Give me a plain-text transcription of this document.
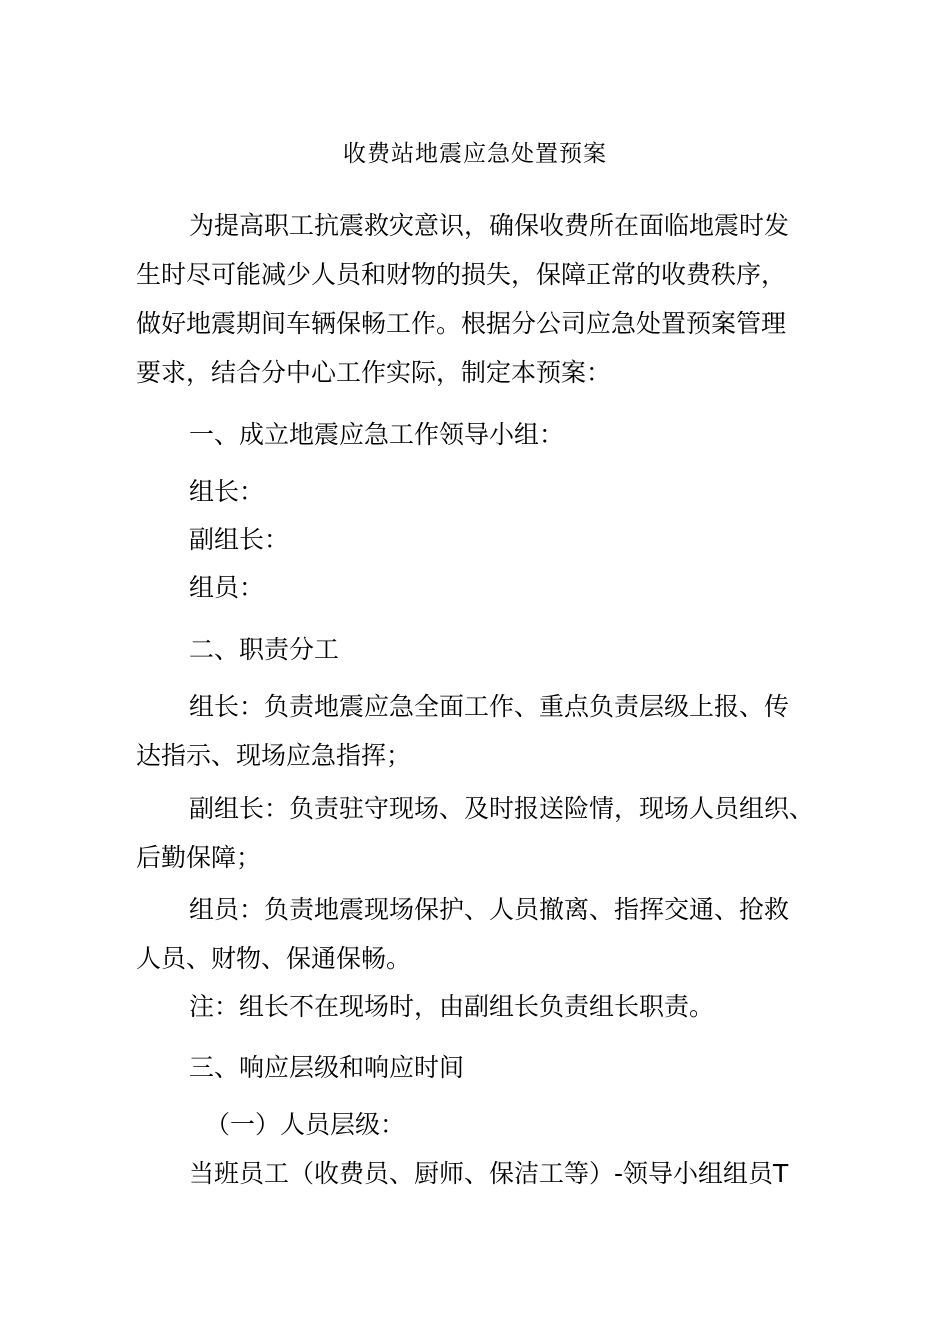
收费站地震应急处置预案
为提高职工抗震救灾意识，确保收费所在面临地震时发
生时尽可能减少人员和财物的损失，保障正常的收费秩序，
做好地震期间车辆保畅工作。根据分公司应急处置预案管理
要求，结合分中心工作实际，制定本预案：
一、成立地震应急工作领导小组：
组长：
副组长：
组员：
二、职责分工
组长：负责地震应急全面工作、重点负责层级上报、传
达指示、现场应急指挥；
副组长：负责驻守现场、及时报送险情，现场人员组织、
后勤保障；
组员：负责地震现场保护、人员撤离、指挥交通、抢救
人员、财物、保通保畅。
注：组长不在现场时，由副组长负责组长职责。
三、响应层级和响应时间
（一）人员层级：
当班员工（收费员、厨师、保洁工等）-领导小组组员T
